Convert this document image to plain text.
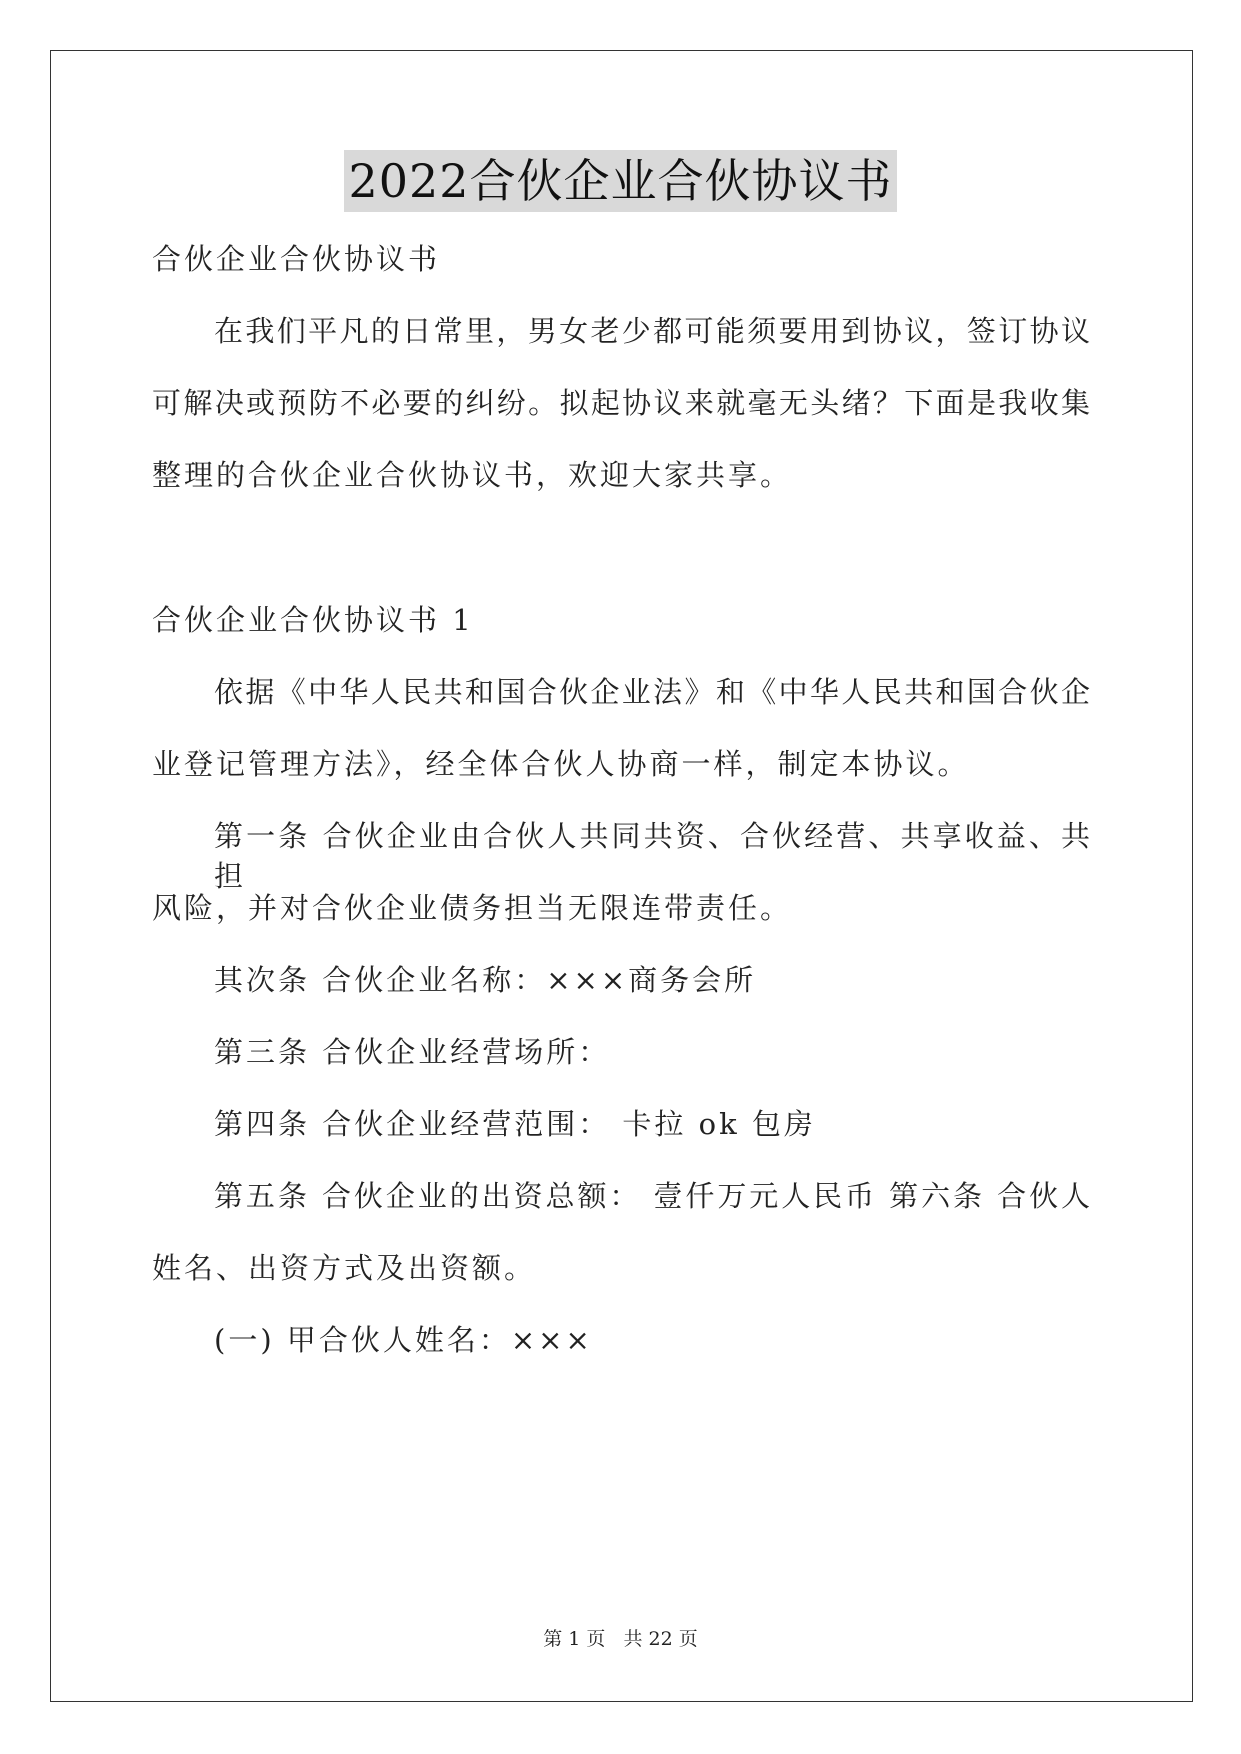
2022合伙企业合伙协议书
合伙企业合伙协议书
在我们平凡的日常里，男女老少都可能须要用到协议，签订协议
可解决或预防不必要的纠纷。拟起协议来就毫无头绪？下面是我收集
整理的合伙企业合伙协议书，欢迎大家共享。
合伙企业合伙协议书 1
依据《中华人民共和国合伙企业法》和《中华人民共和国合伙企
业登记管理方法》，经全体合伙人协商一样，制定本协议。
第一条 合伙企业由合伙人共同共资、合伙经营、共享收益、共担
风险，并对合伙企业债务担当无限连带责任。
其次条 合伙企业名称：×××商务会所
第三条 合伙企业经营场所：
第四条 合伙企业经营范围： 卡拉 ok 包房
第五条 合伙企业的出资总额： 壹仟万元人民币 第六条 合伙人
姓名、出资方式及出资额。
(一) 甲合伙人姓名：×××
第 1 页 共 22 页
